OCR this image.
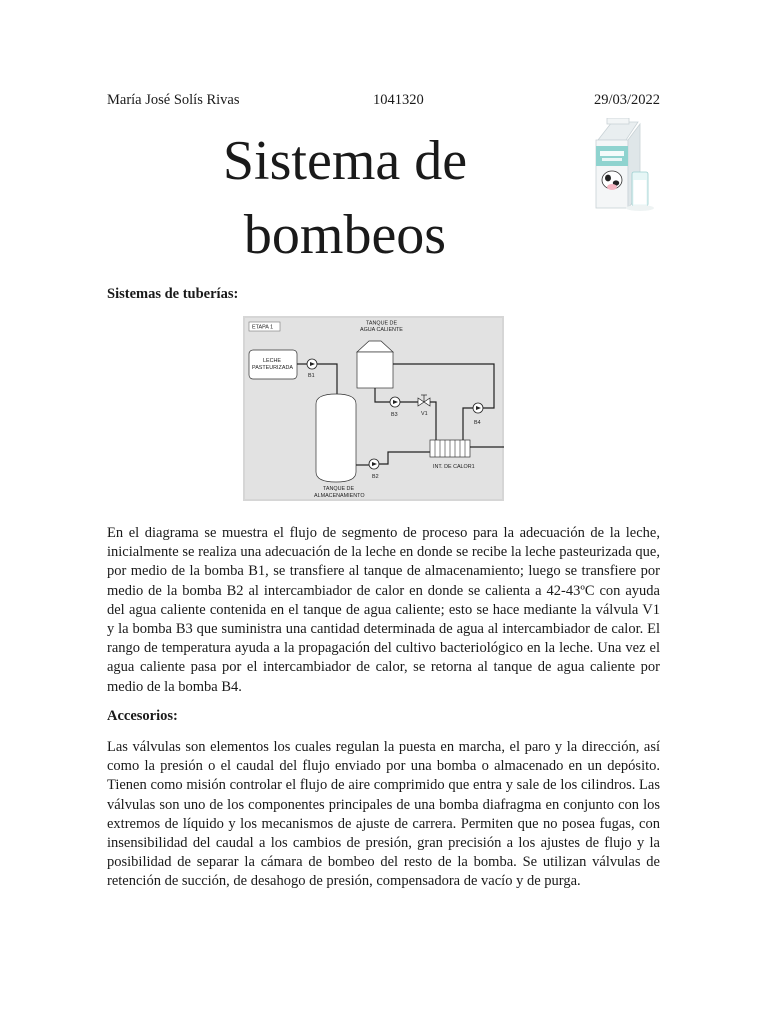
María José Solís Rivas	1041320	29/03/2022
Sistema de
bombeos

Sistemas de tuberías:

ETAPA 1
TANQUE DE
AGUA CALIENTE
LECHE
PASTEURIZADA
B1
TANQUE DE
ALMACENAMIENTO
B2
INT. DE CALOR1
B3	V1
B4

En el diagrama se muestra el flujo de segmento de proceso para la adecuación de la leche, inicialmente se realiza una adecuación de la leche en donde se recibe la leche pasteurizada que, por medio de la bomba B1, se transfiere al tanque de almacenamiento; luego se transfiere por medio de la bomba B2 al intercambiador de calor en donde se calienta a 42-43ºC con ayuda del agua caliente contenida en el tanque de agua caliente; esto se hace mediante la válvula V1 y la bomba B3 que suministra una cantidad determinada de agua al intercambiador de calor. El rango de temperatura ayuda a la propagación del cultivo bacteriológico en la leche. Una vez el agua caliente pasa por el intercambiador de calor, se retorna al tanque de agua caliente por medio de la bomba B4.

Accesorios:

Las válvulas son elementos los cuales regulan la puesta en marcha, el paro y la dirección, así como la presión o el caudal del flujo enviado por una bomba o almacenado en un depósito. Tienen como misión controlar el flujo de aire comprimido que entra y sale de los cilindros. Las válvulas son uno de los componentes principales de una bomba diafragma en conjunto con los extremos de líquido y los mecanismos de ajuste de carrera. Permiten que no posea fugas, con insensibilidad del caudal a los cambios de presión, gran precisión a los ajustes de flujo y la posibilidad de separar la cámara de bombeo del resto de la bomba. Se utilizan válvulas de retención de succión, de desahogo de presión, compensadora de vacío y de purga.
